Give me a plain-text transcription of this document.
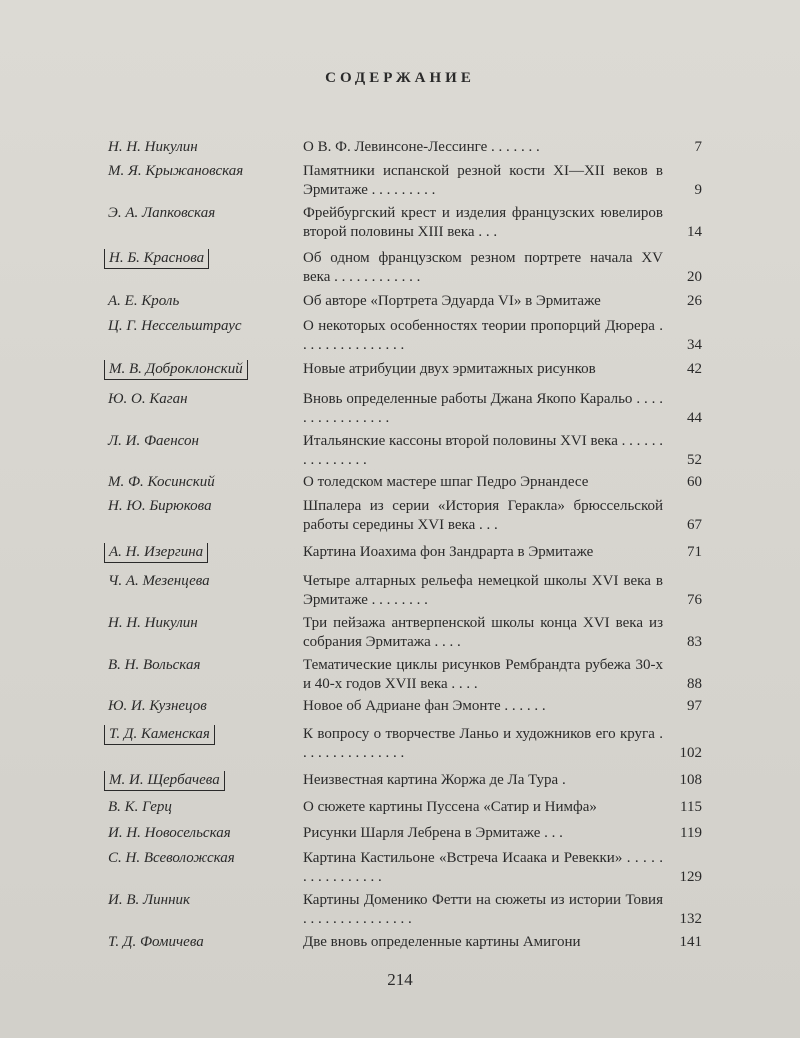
СОДЕРЖАНИЕ
Н. Н. Никулин	О В. Ф. Левинсоне-Лессинге . . . . . . .	7
М. Я. Крыжановская	Памятники испанской резной кости XI—XII веков в Эрмитаже . . . . . . . . .	9
Э. А. Лапковская	Фрейбургский крест и изделия французских ювелиров второй половины XIII века . . .	14
Н. Б. Краснова	Об одном французском резном портрете начала XV века . . . . . . . . . . . .	20
А. Е. Кроль	Об авторе «Портрета Эдуарда VI» в Эрмитаже	26
Ц. Г. Нессельштраус	О некоторых особенностях теории пропорций Дюрера . . . . . . . . . . . . . . .	34
М. В. Доброклонский	Новые атрибуции двух эрмитажных рисунков	42
Ю. О. Каган	Вновь определенные работы Джана Якопо Каральо . . . . . . . . . . . . . . . .	44
Л. И. Фаенсон	Итальянские кассоны второй половины XVI века . . . . . . . . . . . . . . .	52
М. Ф. Косинский	О толедском мастере шпаг Педро Эрнандесе	60
Н. Ю. Бирюкова	Шпалера из серии «История Геракла» брюссельской работы середины XVI века . . .	67
А. Н. Изергина	Картина Иоахима фон Зандрарта в Эрмитаже	71
Ч. А. Мезенцева	Четыре алтарных рельефа немецкой школы XVI века в Эрмитаже . . . . . . . .	76
Н. Н. Никулин	Три пейзажа антверпенской школы конца XVI века из собрания Эрмитажа . . . .	83
В. Н. Вольская	Тематические циклы рисунков Рембрандта рубежа 30-х и 40-х годов XVII века . . . .	88
Ю. И. Кузнецов	Новое об Адриане фан Эмонте . . . . . .	97
Т. Д. Каменская	К вопросу о творчестве Ланьо и художников его круга . . . . . . . . . . . . . . .	102
М. И. Щербачева	Неизвестная картина Жоржа де Ла Тура .	108
В. К. Герц	О сюжете картины Пуссена «Сатир и Нимфа»	115
И. Н. Новосельская	Рисунки Шарля Лебрена в Эрмитаже . . .	119
С. Н. Всеволожская	Картина Кастильоне «Встреча Исаака и Ревекки» . . . . . . . . . . . . . . . .	129
И. В. Линник	Картины Доменико Фетти на сюжеты из истории Товия . . . . . . . . . . . . . . .	132
Т. Д. Фомичева	Две вновь определенные картины Амигони	141
214
